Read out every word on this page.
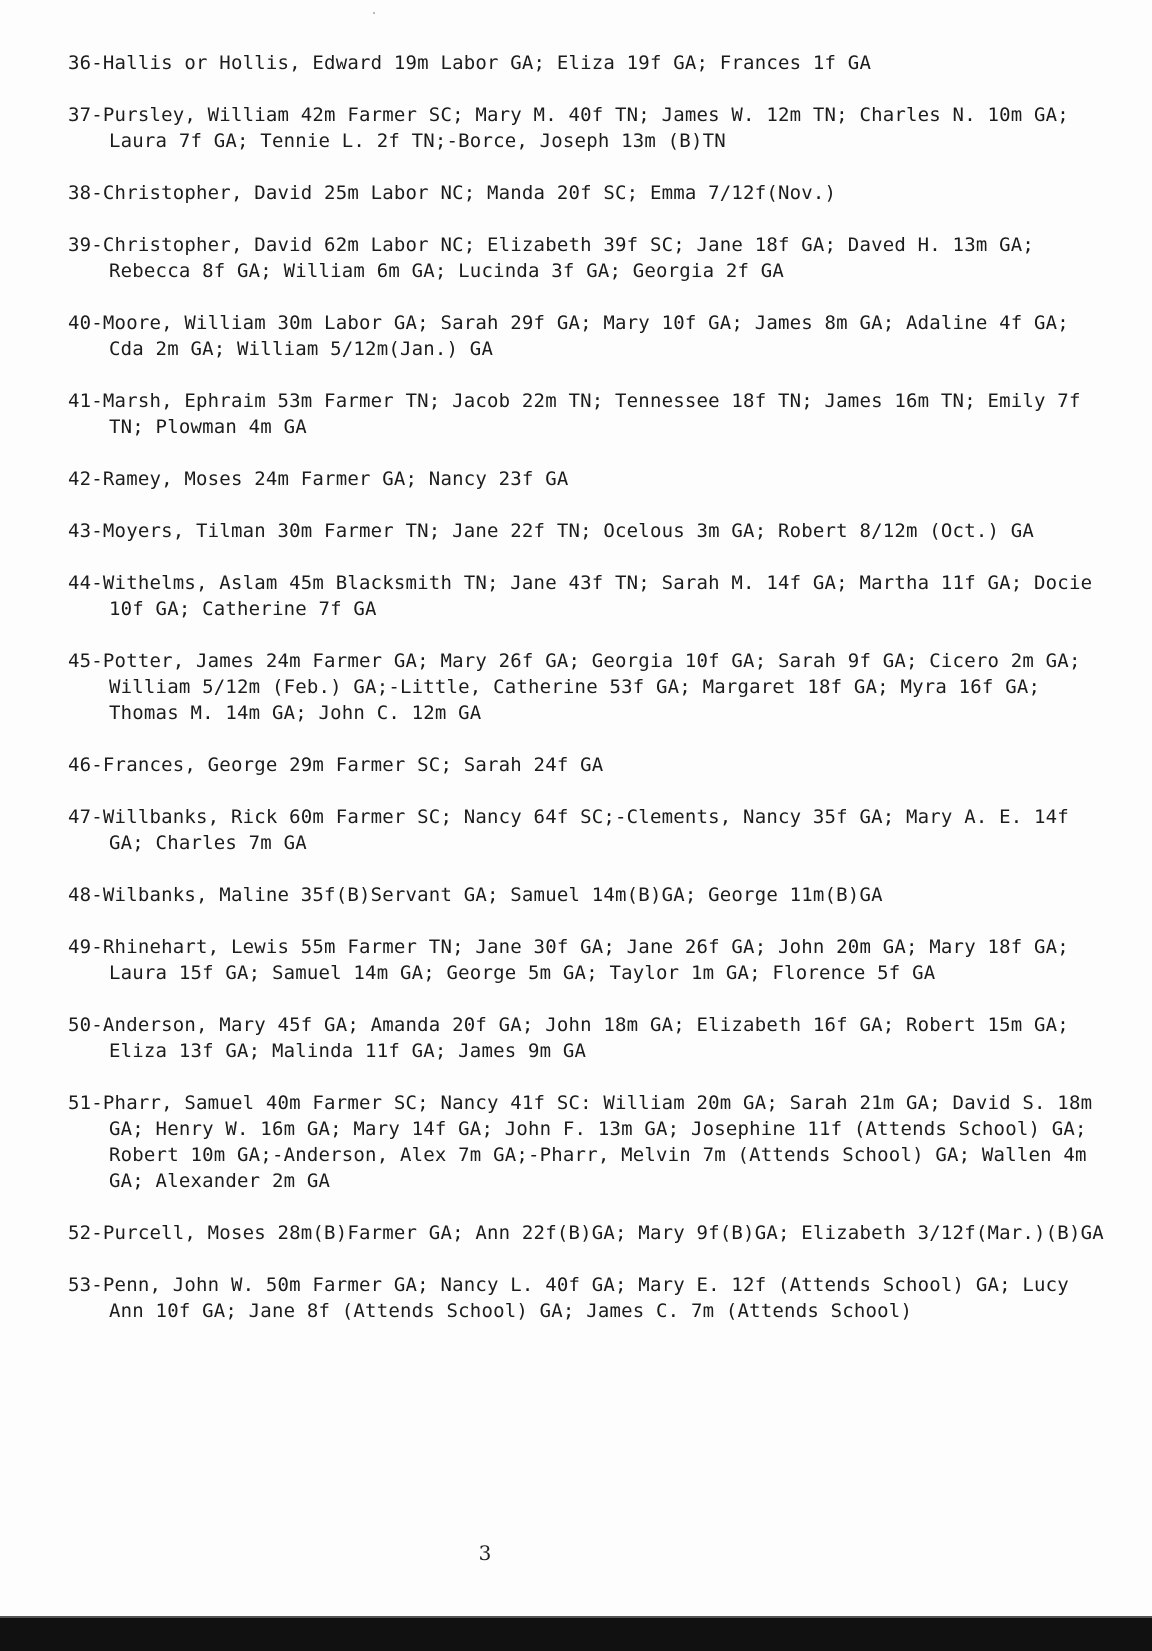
36-Hallis or Hollis, Edward 19m Labor GA; Eliza 19f GA; Frances 1f GA

37-Pursley, William 42m Farmer SC; Mary M. 40f TN; James W. 12m TN; Charles N. 10m GA; Laura 7f GA; Tennie L. 2f TN;-Borce, Joseph 13m (B)TN

38-Christopher, David 25m Labor NC; Manda 20f SC; Emma 7/12f(Nov.)

39-Christopher, David 62m Labor NC; Elizabeth 39f SC; Jane 18f GA; Daved H. 13m GA; Rebecca 8f GA; William 6m GA; Lucinda 3f GA; Georgia 2f GA

40-Moore, William 30m Labor GA; Sarah 29f GA; Mary 10f GA; James 8m GA; Adaline 4f GA; Cda 2m GA; William 5/12m(Jan.) GA

41-Marsh, Ephraim 53m Farmer TN; Jacob 22m TN; Tennessee 18f TN; James 16m TN; Emily 7f TN; Plowman 4m GA

42-Ramey, Moses 24m Farmer GA; Nancy 23f GA

43-Moyers, Tilman 30m Farmer TN; Jane 22f TN; Ocelous 3m GA; Robert 8/12m (Oct.) GA

44-Withelms, Aslam 45m Blacksmith TN; Jane 43f TN; Sarah M. 14f GA; Martha 11f GA; Docie 10f GA; Catherine 7f GA

45-Potter, James 24m Farmer GA; Mary 26f GA; Georgia 10f GA; Sarah 9f GA; Cicero 2m GA; William 5/12m (Feb.) GA;-Little, Catherine 53f GA; Margaret 18f GA; Myra 16f GA; Thomas M. 14m GA; John C. 12m GA

46-Frances, George 29m Farmer SC; Sarah 24f GA

47-Willbanks, Rick 60m Farmer SC; Nancy 64f SC;-Clements, Nancy 35f GA; Mary A. E. 14f GA; Charles 7m GA

48-Wilbanks, Maline 35f(B)Servant GA; Samuel 14m(B)GA; George 11m(B)GA

49-Rhinehart, Lewis 55m Farmer TN; Jane 30f GA; Jane 26f GA; John 20m GA; Mary 18f GA; Laura 15f GA; Samuel 14m GA; George 5m GA; Taylor 1m GA; Florence 5f GA

50-Anderson, Mary 45f GA; Amanda 20f GA; John 18m GA; Elizabeth 16f GA; Robert 15m GA; Eliza 13f GA; Malinda 11f GA; James 9m GA

51-Pharr, Samuel 40m Farmer SC; Nancy 41f SC: William 20m GA; Sarah 21m GA; David S. 18m GA; Henry W. 16m GA; Mary 14f GA; John F. 13m GA; Josephine 11f (Attends School) GA; Robert 10m GA;-Anderson, Alex 7m GA;-Pharr, Melvin 7m (Attends School) GA; Wallen 4m GA; Alexander 2m GA

52-Purcell, Moses 28m(B)Farmer GA; Ann 22f(B)GA; Mary 9f(B)GA; Elizabeth 3/12f(Mar.)(B)GA

53-Penn, John W. 50m Farmer GA; Nancy L. 40f GA; Mary E. 12f (Attends School) GA; Lucy Ann 10f GA; Jane 8f (Attends School) GA; James C. 7m (Attends School)

3
